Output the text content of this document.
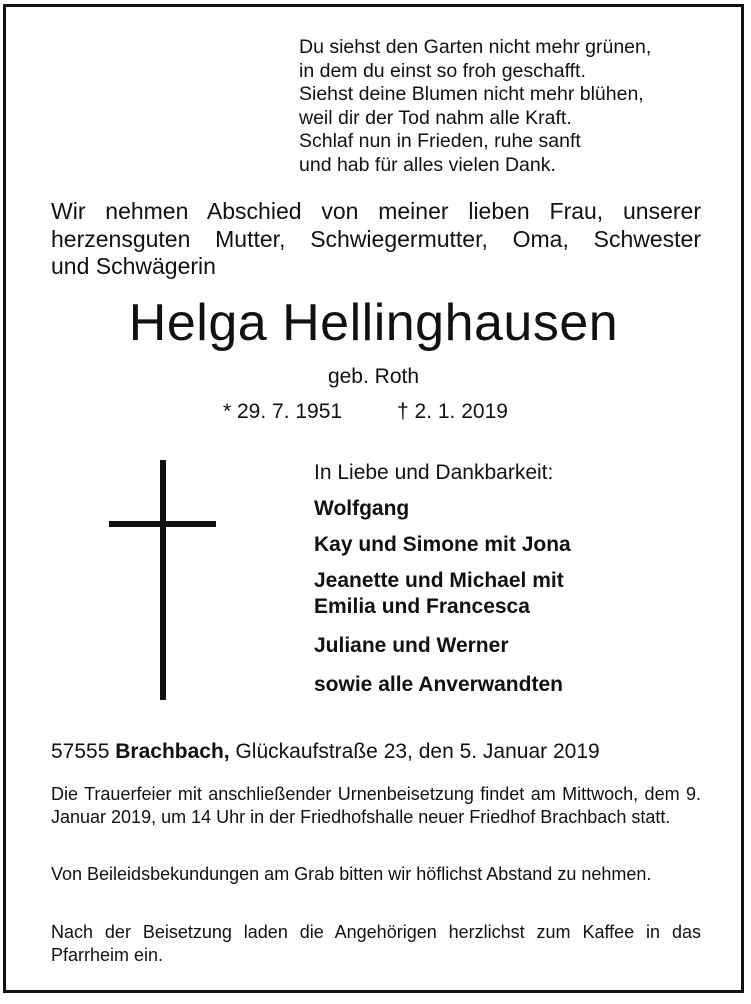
Du siehst den Garten nicht mehr grünen,
in dem du einst so froh geschafft.
Siehst deine Blumen nicht mehr blühen,
weil dir der Tod nahm alle Kraft.
Schlaf nun in Frieden, ruhe sanft
und hab für alles vielen Dank.
Wir nehmen Abschied von meiner lieben Frau, unserer
herzensguten Mutter, Schwiegermutter, Oma, Schwester
und Schwägerin
Helga Hellinghausen
geb. Roth
* 29. 7. 1951	† 2. 1. 2019
In Liebe und Dankbarkeit:
Wolfgang
Kay und Simone mit Jona
Jeanette und Michael mit
Emilia und Francesca
Juliane und Werner
sowie alle Anverwandten
57555 Brachbach, Glückaufstraße 23, den 5. Januar 2019
Die Trauerfeier mit anschließender Urnenbeisetzung findet am Mittwoch, dem 9. Januar 2019, um 14 Uhr in der Friedhofshalle neuer Friedhof Brachbach statt.
Von Beileidsbekundungen am Grab bitten wir höflichst Abstand zu nehmen.
Nach der Beisetzung laden die Angehörigen herzlichst zum Kaffee in das Pfarrheim ein.
